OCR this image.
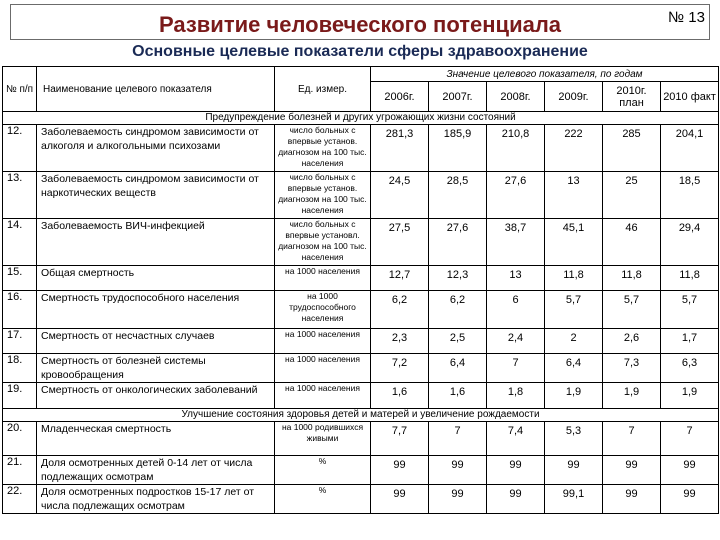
Развитие человеческого потенциала	№ 13
Основные целевые показатели сферы здравоохранение
№ п/п	Наименование целевого показателя	Ед. измер.	Значение целевого показателя, по годам					
			2006г.	2007г.	2008г.	2009г.	2010г. план	2010 факт
Предупреждение болезней и других угрожающих жизни состояний								
12.	Заболеваемость синдромом зависимости от алкоголя и алкогольными психозами	число больных с впервые установ. диагнозом на 100 тыс. населения	281,3	185,9	210,8	222	285	204,1
13.	Заболеваемость синдромом зависимости от наркотических веществ	число больных с впервые установ. диагнозом на 100 тыс. населения	24,5	28,5	27,6	13	25	18,5
14.	Заболеваемость ВИЧ-инфекцией	число больных с впервые установл. диагнозом на 100 тыс. населения	27,5	27,6	38,7	45,1	46	29,4
15.	Общая смертность	на 1000 населения	12,7	12,3	13	11,8	11,8	11,8
16.	Смертность трудоспособного населения	на 1000 трудоспособного населения	6,2	6,2	6	5,7	5,7	5,7
17.	Смертность от несчастных случаев	на 1000 населения	2,3	2,5	2,4	2	2,6	1,7
18.	Смертность от болезней системы кровообращения	на 1000 населения	7,2	6,4	7	6,4	7,3	6,3
19.	Смертность от онкологических заболеваний	на 1000 населения	1,6	1,6	1,8	1,9	1,9	1,9
Улучшение состояния здоровья детей и матерей и увеличение рождаемости								
20.	Младенческая смертность	на 1000 родившихся живыми	7,7	7	7,4	5,3	7	7
21.	Доля осмотренных детей 0-14 лет от числа подлежащих осмотрам	%	99	99	99	99	99	99
22.	Доля осмотренных подростков 15-17 лет от числа подлежащих осмотрам	%	99	99	99	99,1	99	99
